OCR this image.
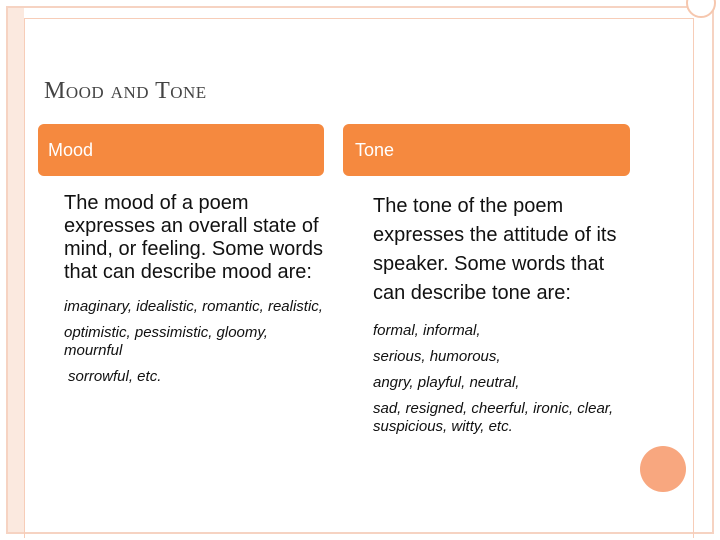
Mood and Tone
Mood	Tone

The mood of a poem expresses an overall state of mind, or feeling. Some words that can describe mood are:

imaginary, idealistic, romantic, realistic,

optimistic, pessimistic, gloomy, mournful

sorrowful, etc.

The tone of the poem expresses the attitude of its speaker. Some words that can describe tone are:

formal, informal,

serious, humorous,

angry, playful, neutral,

sad, resigned, cheerful, ironic, clear, suspicious, witty, etc.
